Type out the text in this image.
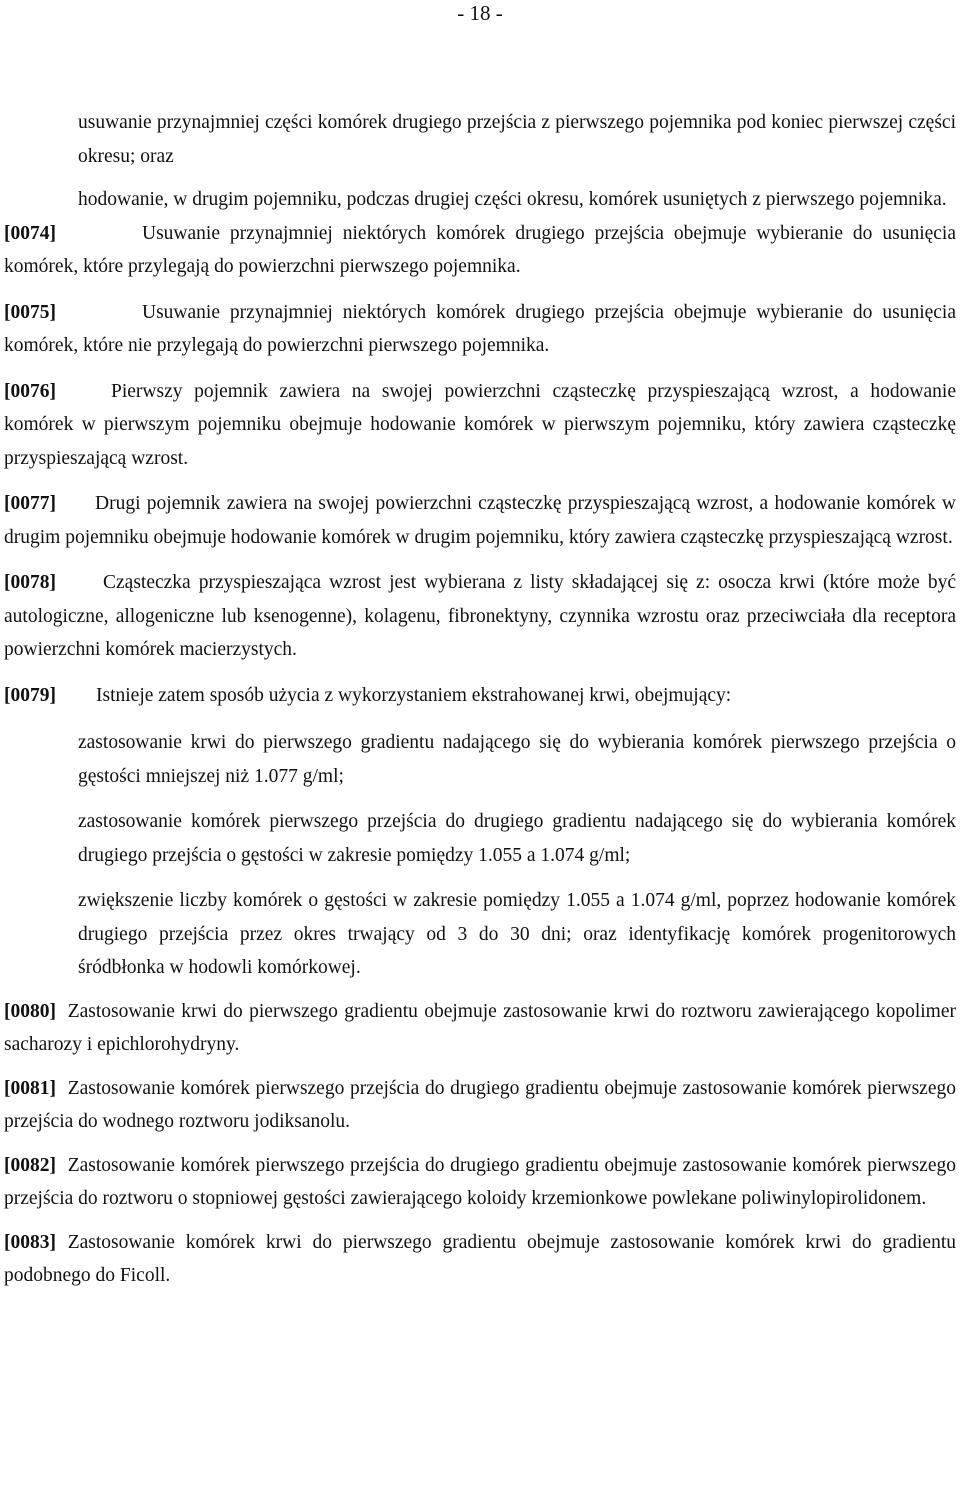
- 18 -

usuwanie przynajmniej części komórek drugiego przejścia z pierwszego pojemnika pod koniec pierwszej części okresu; oraz

hodowanie, w drugim pojemniku, podczas drugiej części okresu, komórek usuniętych z pierwszego pojemnika.

[0074]	Usuwanie przynajmniej niektórych komórek drugiego przejścia obejmuje wybieranie do usunięcia komórek, które przylegają do powierzchni pierwszego pojemnika.

[0075]	Usuwanie przynajmniej niektórych komórek drugiego przejścia obejmuje wybieranie do usunięcia komórek, które nie przylegają do powierzchni pierwszego pojemnika.

[0076]	Pierwszy pojemnik zawiera na swojej powierzchni cząsteczkę przyspieszającą wzrost, a hodowanie komórek w pierwszym pojemniku obejmuje hodowanie komórek w pierwszym pojemniku, który zawiera cząsteczkę przyspieszającą wzrost.

[0077] Drugi pojemnik zawiera na swojej powierzchni cząsteczkę przyspieszającą wzrost, a hodowanie komórek w drugim pojemniku obejmuje hodowanie komórek w drugim pojemniku, który zawiera cząsteczkę przyspieszającą wzrost.

[0078] Cząsteczka przyspieszająca wzrost jest wybierana z listy składającej się z: osocza krwi (które może być autologiczne, allogeniczne lub ksenogenne), kolagenu, fibronektyny, czynnika wzrostu oraz przeciwciała dla receptora powierzchni komórek macierzystych.

[0079] Istnieje zatem sposób użycia z wykorzystaniem ekstrahowanej krwi, obejmujący:

zastosowanie krwi do pierwszego gradientu nadającego się do wybierania komórek pierwszego przejścia o gęstości mniejszej niż 1.077 g/ml;

zastosowanie komórek pierwszego przejścia do drugiego gradientu nadającego się do wybierania komórek drugiego przejścia o gęstości w zakresie pomiędzy 1.055 a 1.074 g/ml;

zwiększenie liczby komórek o gęstości w zakresie pomiędzy 1.055 a 1.074 g/ml, poprzez hodowanie komórek drugiego przejścia przez okres trwający od 3 do 30 dni; oraz identyfikację komórek progenitorowych śródbłonka w hodowli komórkowej.

[0080] Zastosowanie krwi do pierwszego gradientu obejmuje zastosowanie krwi do roztworu zawierającego kopolimer sacharozy i epichlorohydryny.

[0081] Zastosowanie komórek pierwszego przejścia do drugiego gradientu obejmuje zastosowanie komórek pierwszego przejścia do wodnego roztworu jodiksanolu.

[0082] Zastosowanie komórek pierwszego przejścia do drugiego gradientu obejmuje zastosowanie komórek pierwszego przejścia do roztworu o stopniowej gęstości zawierającego koloidy krzemionkowe powlekane poliwinylopirolidonem.

[0083] Zastosowanie komórek krwi do pierwszego gradientu obejmuje zastosowanie komórek krwi do gradientu podobnego do Ficoll.
